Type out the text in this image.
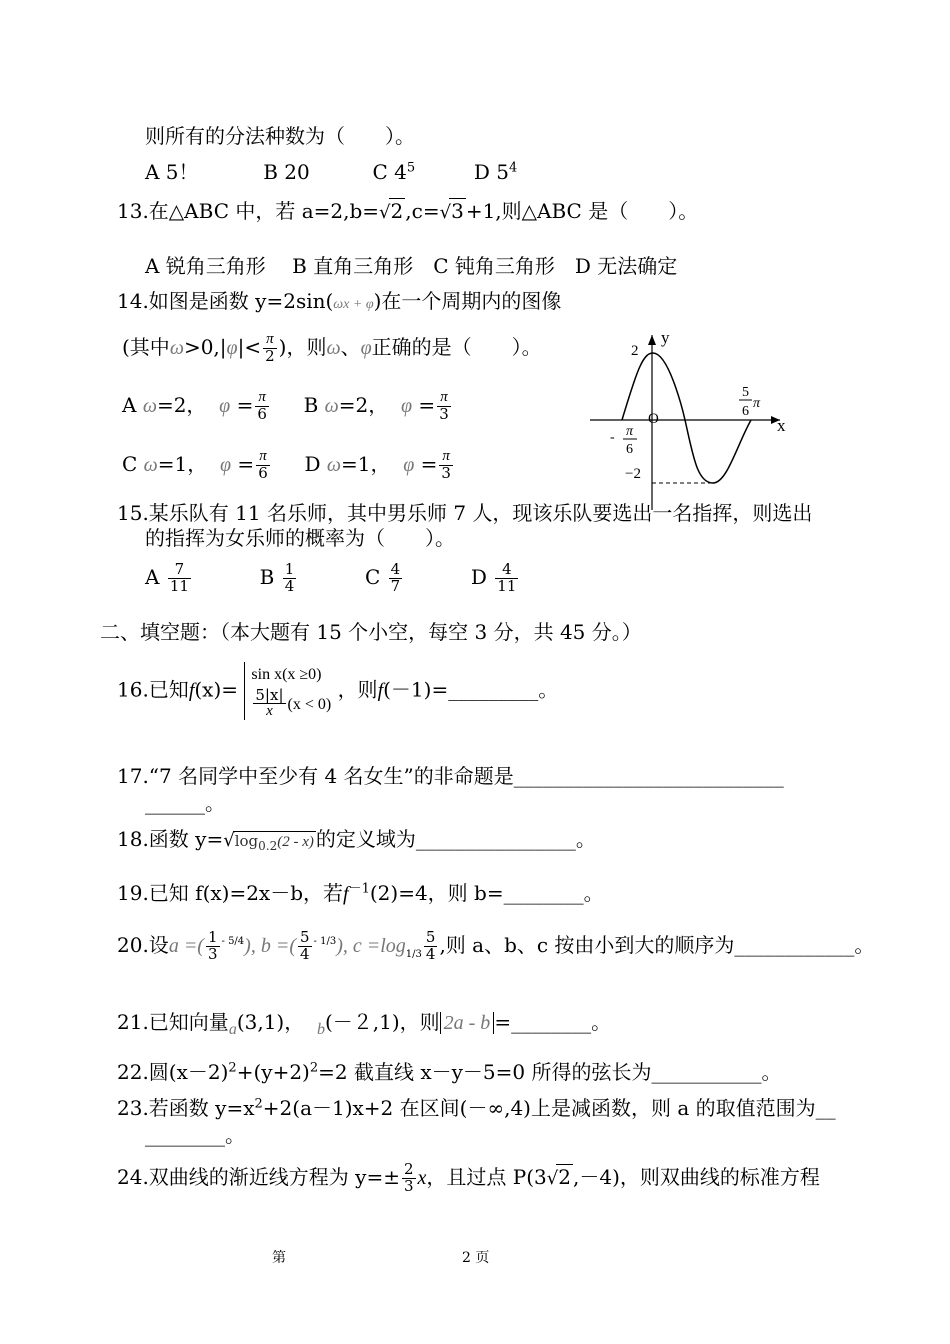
则所有的分法种数为（　　）。
A 5！	B 20	C $4^5$	D $5^4$
13.在△ABC 中，若 a=2,b=√2 ,c=√3 +1,则△ABC 是（　　）。
A 锐角三角形　 B 直角三角形　C 钝角三角形　D 无法确定
14.如图是函数 y=2sin(ωx + φ)在一个周期内的图像
(其中$\omega>0,|\varphi|< \frac{\pi}{2}$ )，则ω、φ正确的是（　　）。
A ω=2， $\varphi = \frac{\pi}{6}$ B ω=2， $\varphi = \frac{\pi}{3}$
C ω=1， $\varphi = \frac{\pi}{6}$ D ω=1， $\varphi = \frac{\pi}{3}$
y
x
O
2
−2
5
6
π
- π
6
15.某乐队有 11 名乐师，其中男乐师 7 人，现该乐队要选出一名指挥，则选出
的指挥为女乐师的概率为（　　）。
A $\frac{7}{11}$	B $\frac{1}{4}$	C $\frac{4}{7}$	D $\frac{4}{11}$
二、填空题：（本大题有 15 个小空，每空 3 分，共 45 分。）
16.已知f(x)=
sin x(x ≥0)
$\frac{5|x|}{x} (x < 0)$
，则f(－1)=_________。
17.“7 名同学中至少有 4 名女生”的非命题是___________________________
______。
18.函数 $y=√\log_{0.2}(2 - x)$ 的定义域为________________。
19.已知 f(x)=2x－b，若$f^{-1}(2)=4$，则 b=________。
20.设a =( $\frac{1}{3} ^{- 5/4}$), b =( $\frac{5}{4} ^{- 1/3}$), $c =\log_{1/3} \frac{5}{4}$ ,则 a、b、c 按由小到大的顺序为____________。
21.已知向量$_a$(3,1)， $_b$(－２,1)，则 2a - b =________。
22.圆$(x-2)^2+(y+2)^2=2$ 截直线 x－y－5=0 所得的弦长为___________。
23.若函数 $y=x^2+2(a-1)x+2$ 在区间(－∞,4)上是减函数，则 a 的取值范围为__
________。
24.双曲线的渐近线方程为 $y=\pm \frac{2}{3}$ x，且过点 P(3√2 ,－4)，则双曲线的标准方程
第	2 页
